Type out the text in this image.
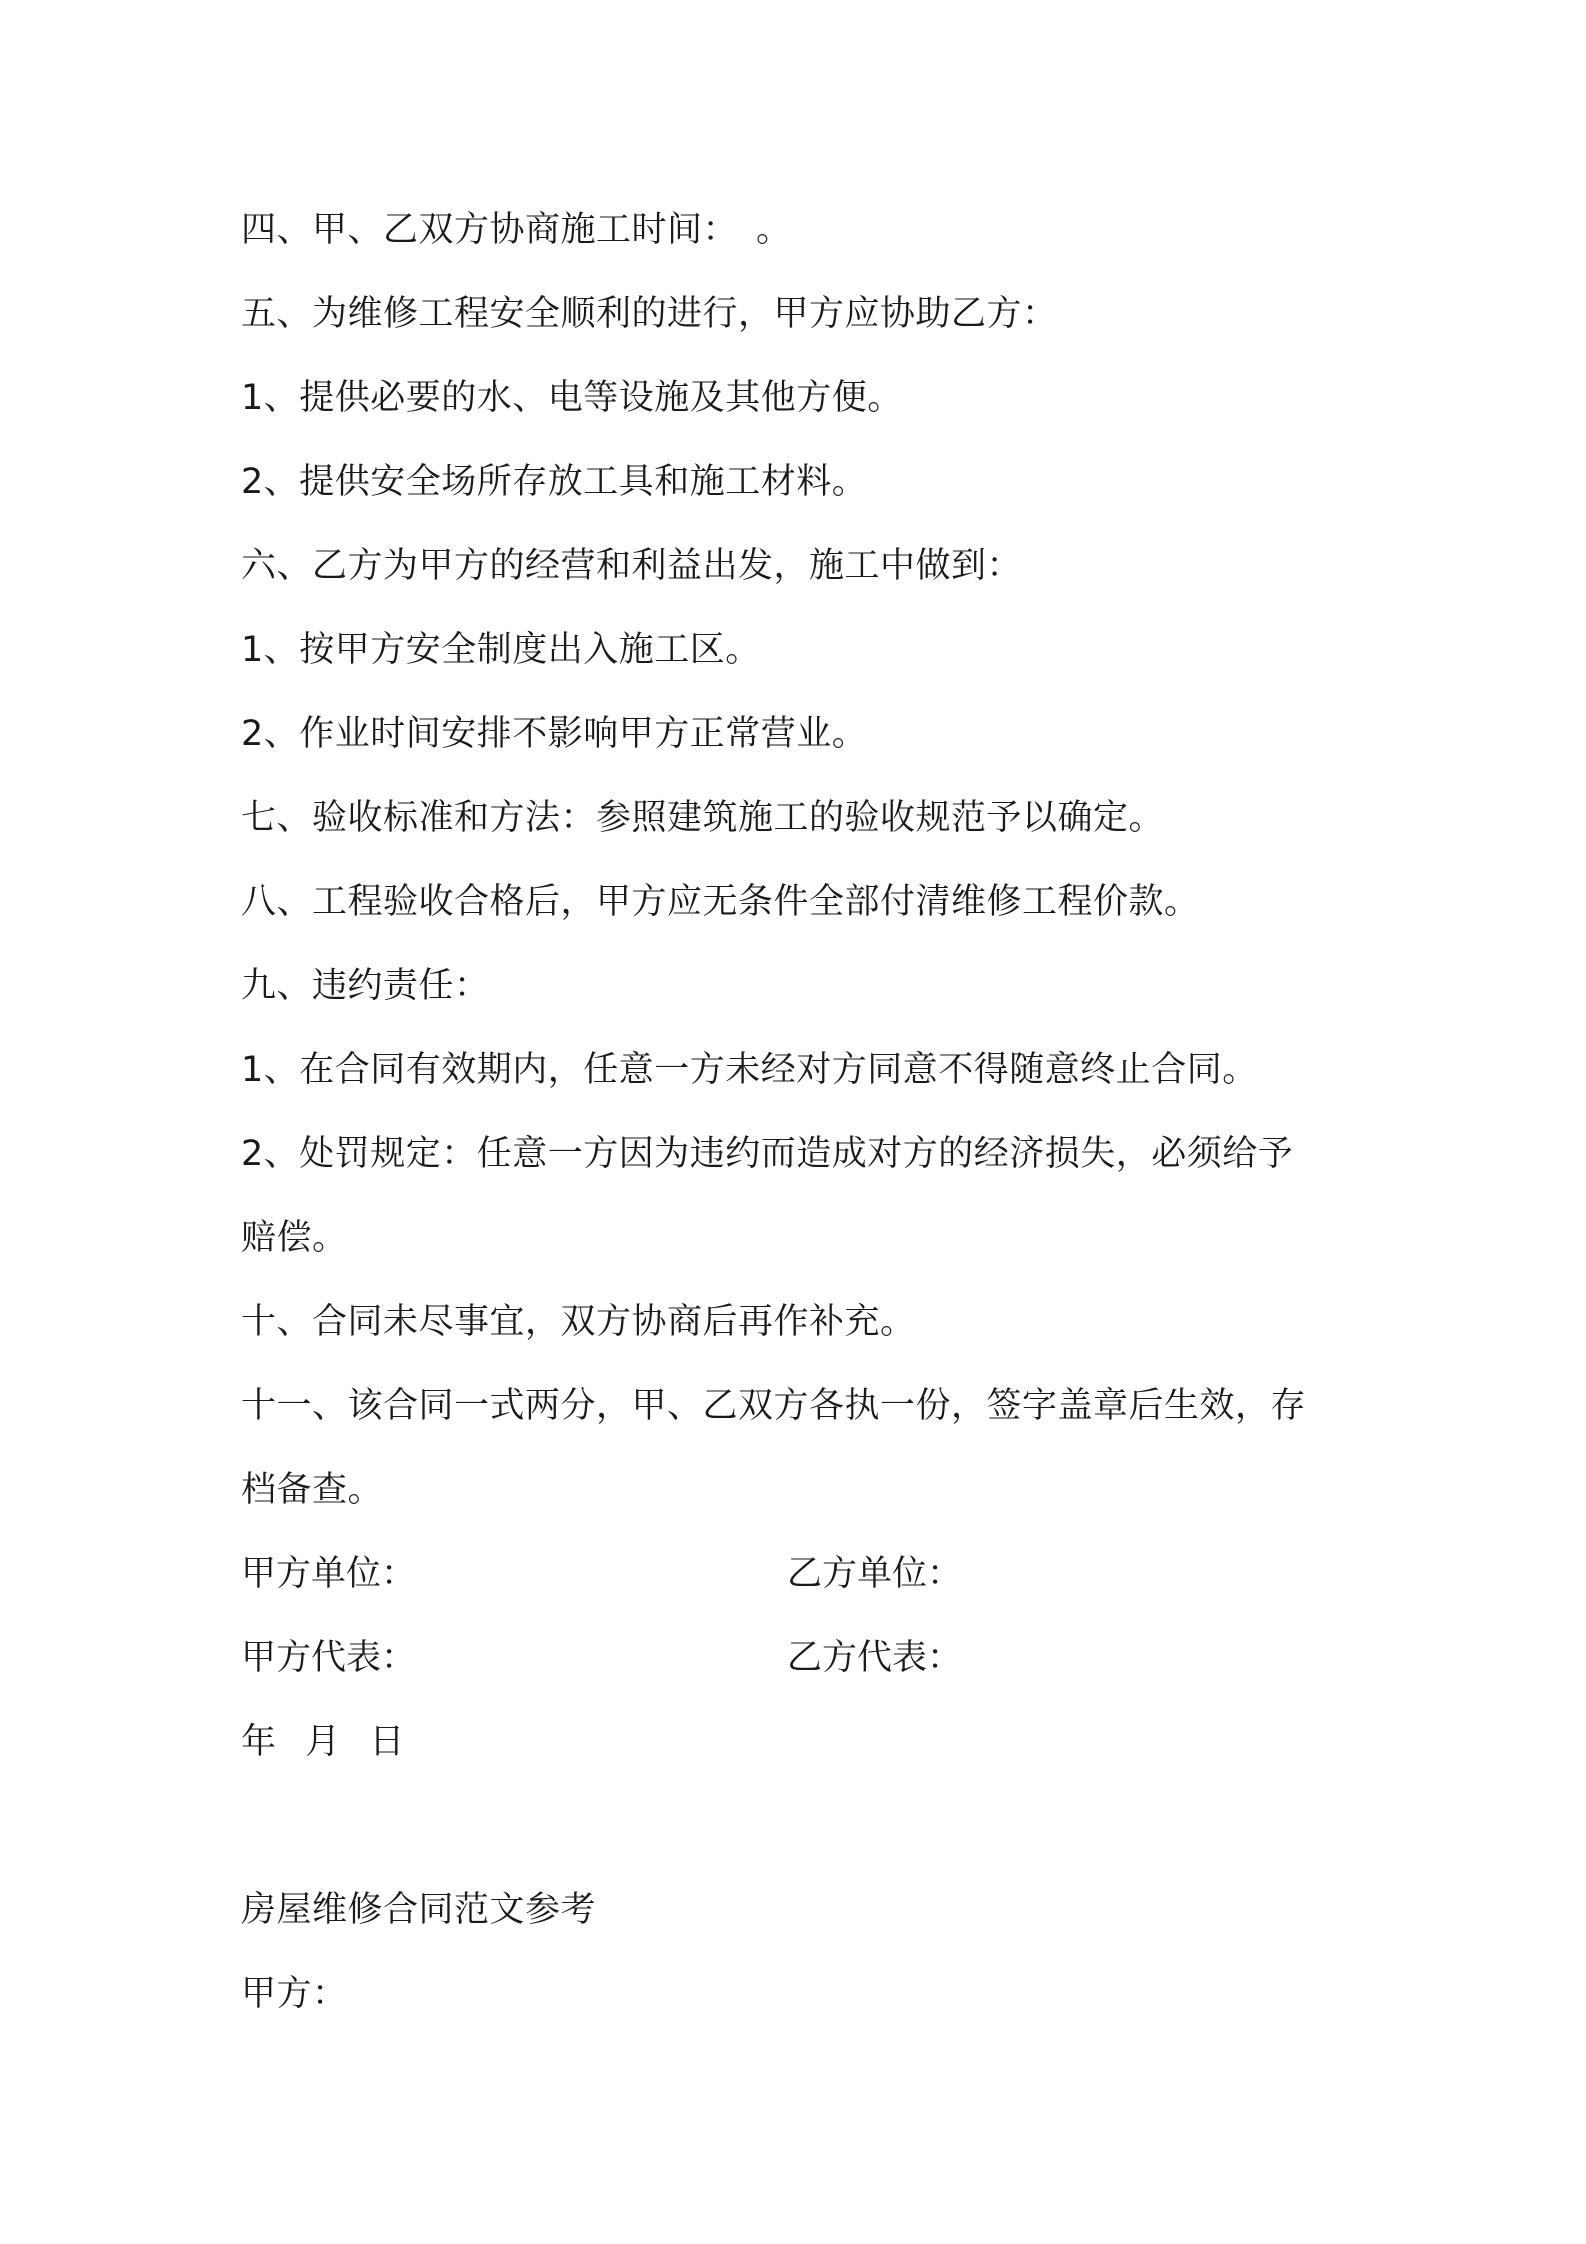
四、甲、乙双方协商施工时间：　。
五、为维修工程安全顺利的进行，甲方应协助乙方：
1、提供必要的水、电等设施及其他方便。
2、提供安全场所存放工具和施工材料。
六、乙方为甲方的经营和利益出发，施工中做到：
1、按甲方安全制度出入施工区。
2、作业时间安排不影响甲方正常营业。
七、验收标准和方法：参照建筑施工的验收规范予以确定。
八、工程验收合格后，甲方应无条件全部付清维修工程价款。
九、违约责任：
1、在合同有效期内，任意一方未经对方同意不得随意终止合同。
2、处罚规定：任意一方因为违约而造成对方的经济损失，必须给予
赔偿。
十、合同未尽事宜，双方协商后再作补充。
十一、该合同一式两分，甲、乙双方各执一份，签字盖章后生效，存
档备查。
甲方单位：	乙方单位：
甲方代表：	乙方代表：
年 月 日
房屋维修合同范文参考
甲方：
